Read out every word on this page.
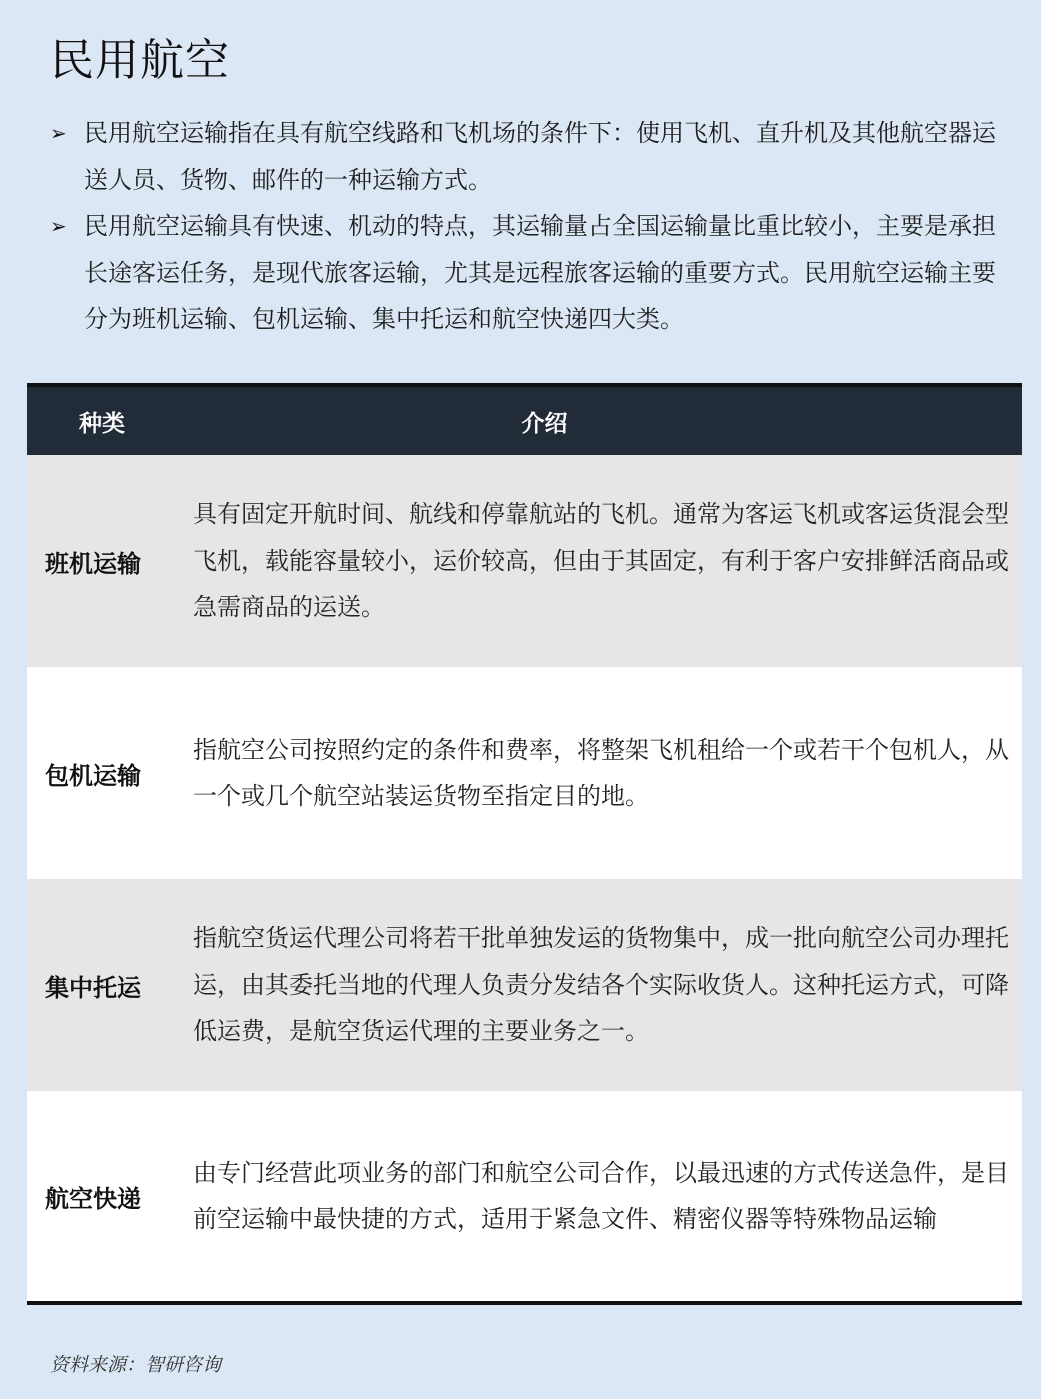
民用航空
➢ 民用航空运输指在具有航空线路和飞机场的条件下：使用飞机、直升机及其他航空器运送人员、货物、邮件的一种运输方式。
➢ 民用航空运输具有快速、机动的特点，其运输量占全国运输量比重比较小，主要是承担长途客运任务，是现代旅客运输，尤其是远程旅客运输的重要方式。民用航空运输主要分为班机运输、包机运输、集中托运和航空快递四大类。
种类	介绍
班机运输
具有固定开航时间、航线和停靠航站的飞机。通常为客运飞机或客运货混会型飞机，载能容量较小，运价较高，但由于其固定，有利于客户安排鲜活商品或急需商品的运送。
包机运输
指航空公司按照约定的条件和费率，将整架飞机租给一个或若干个包机人，从一个或几个航空站装运货物至指定目的地。
集中托运
指航空货运代理公司将若干批单独发运的货物集中，成一批向航空公司办理托运，由其委托当地的代理人负责分发结各个实际收货人。这种托运方式，可降低运费，是航空货运代理的主要业务之一。
航空快递
由专门经营此项业务的部门和航空公司合作，以最迅速的方式传送急件，是目前空运输中最快捷的方式，适用于紧急文件、精密仪器等特殊物品运输
资料来源：智研咨询
